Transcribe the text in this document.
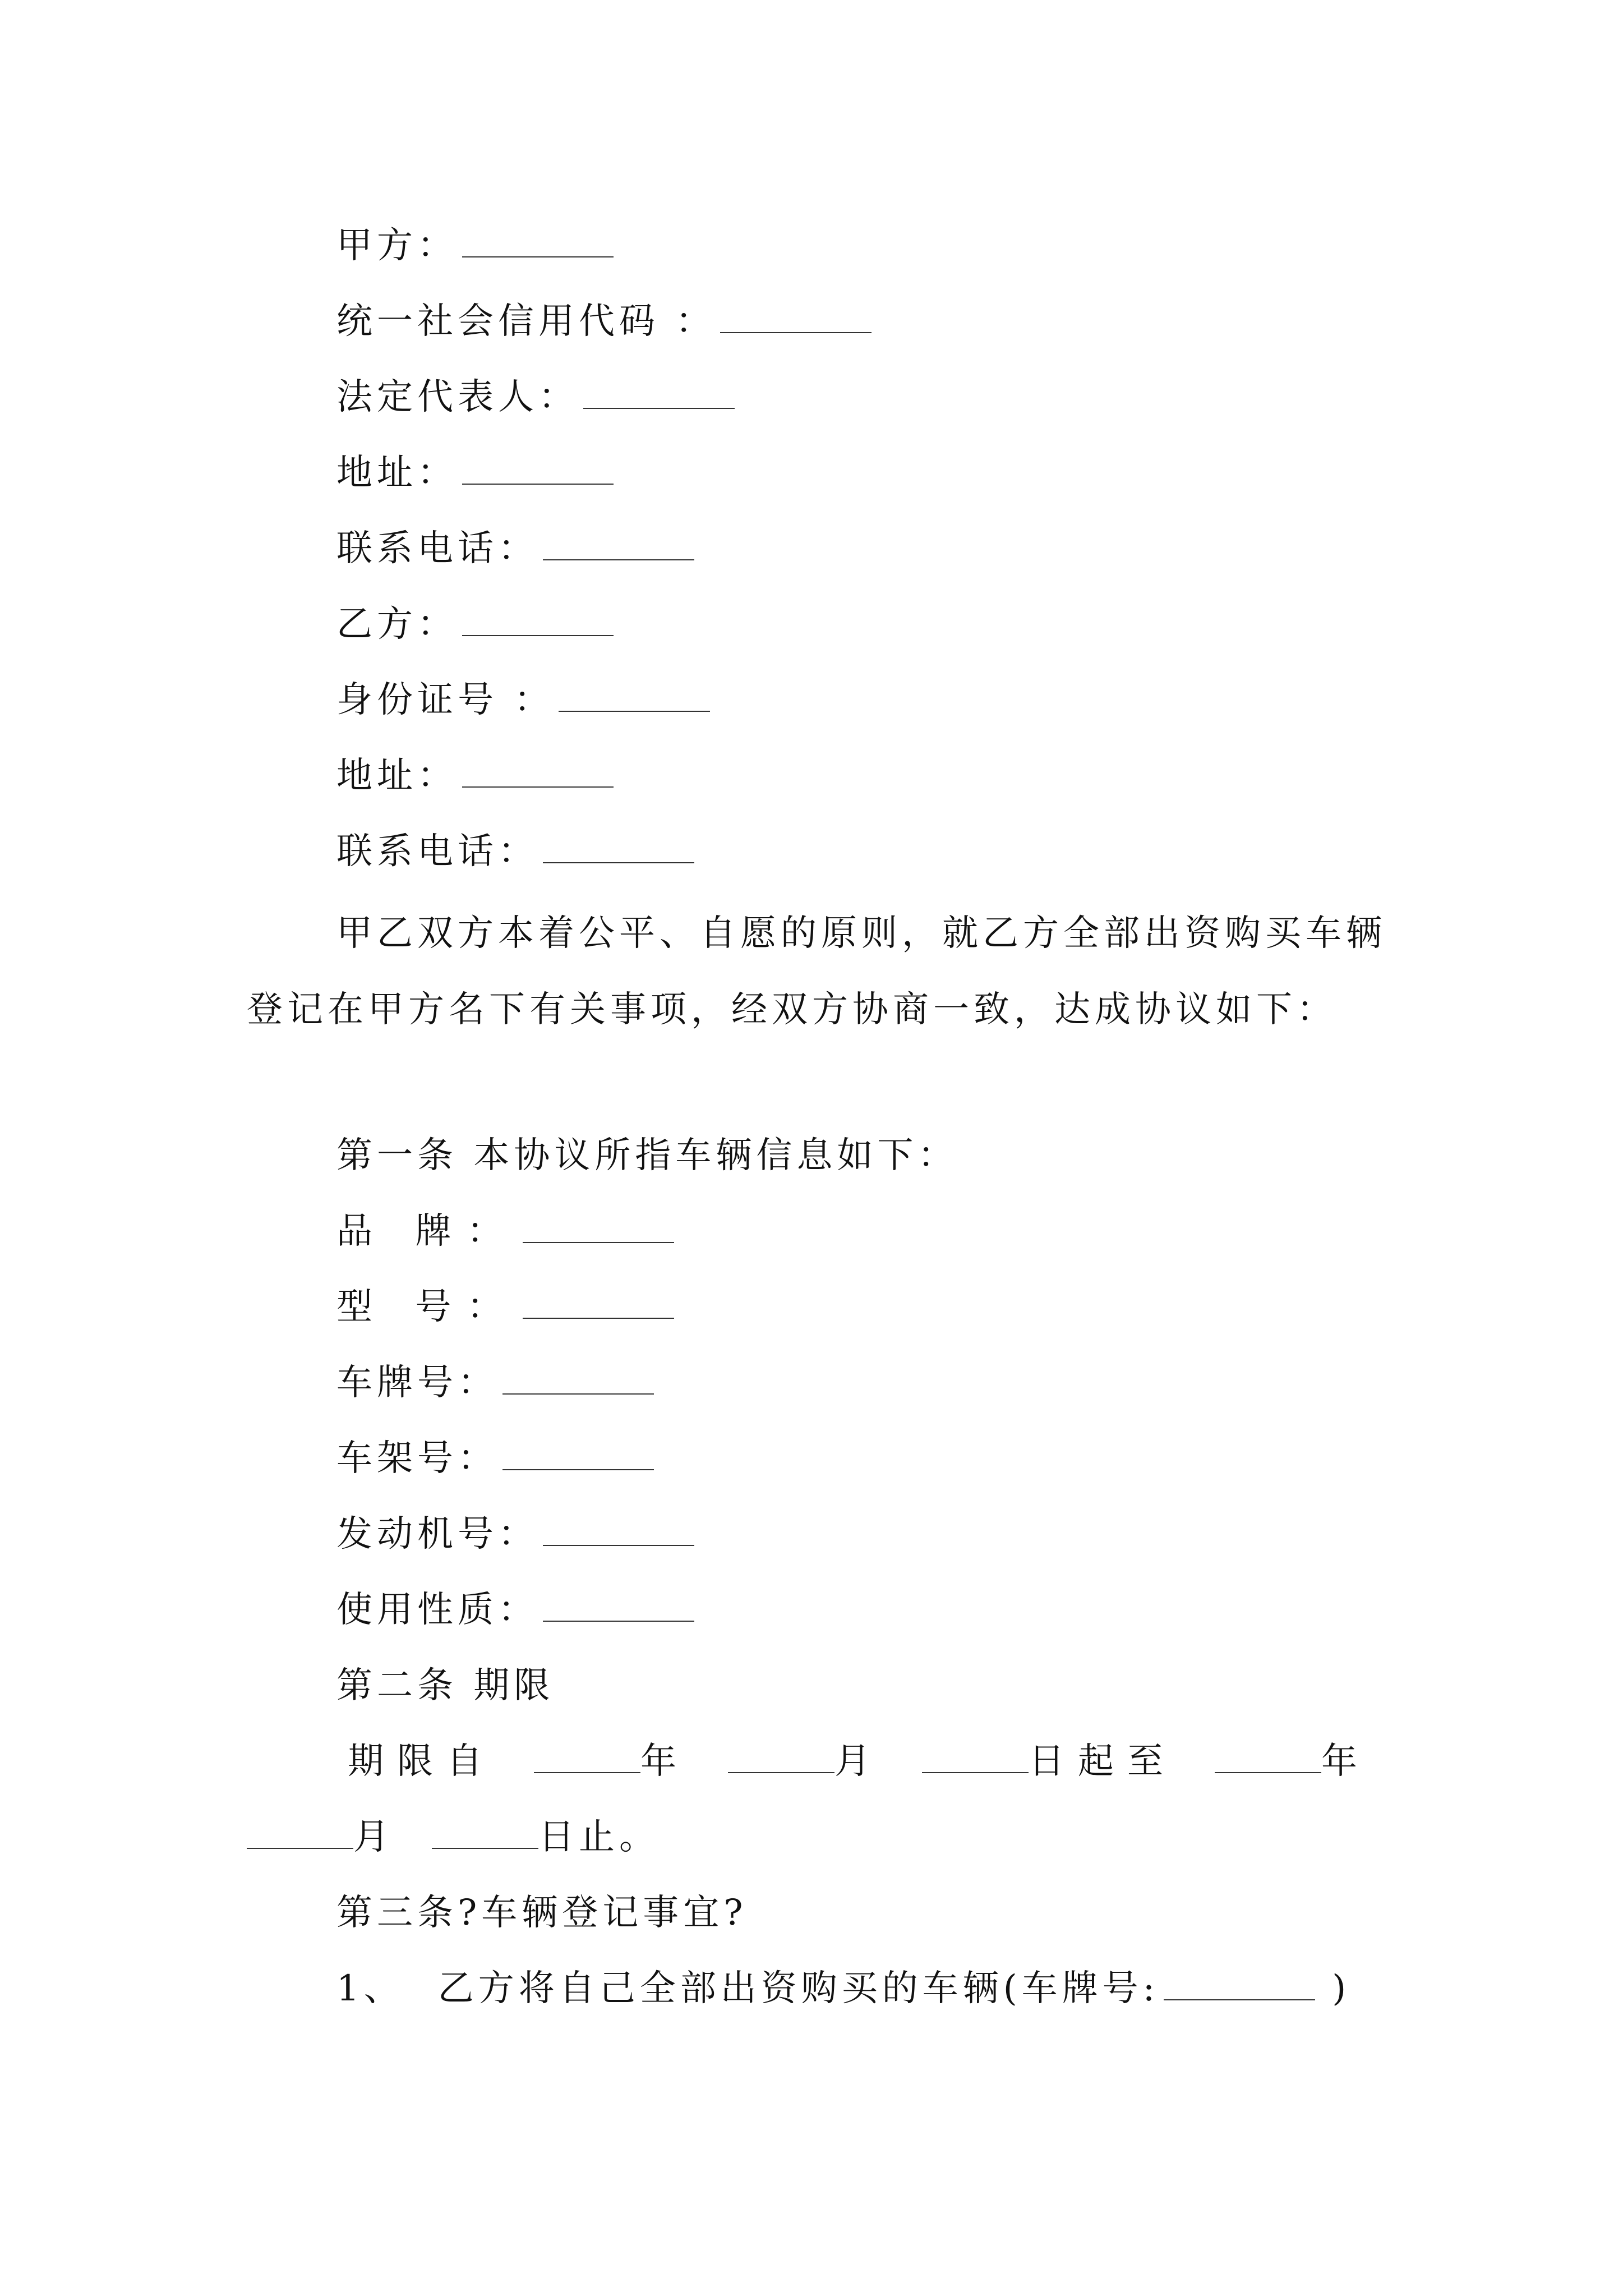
甲方：
统一社会信用代码 ：
法定代表人：
地址：
联系电话：
乙方：
身份证号 ：
地址：
联系电话：
甲乙双方本着公平、自愿的原则，就乙方全部出资购买车辆登记在甲方名下有关事项，经双方协商一致，达成协议如下：
第一条 本协议所指车辆信息如下：
品 牌：
型 号：
车牌号：
车架号：
发动机号：
使用性质：
第二条 期限
期限自	年	月	日起至	年
月	日止。
第三条?车辆登记事宜?
1、 乙方将自己全部出资购买的车辆(车牌号:	)
